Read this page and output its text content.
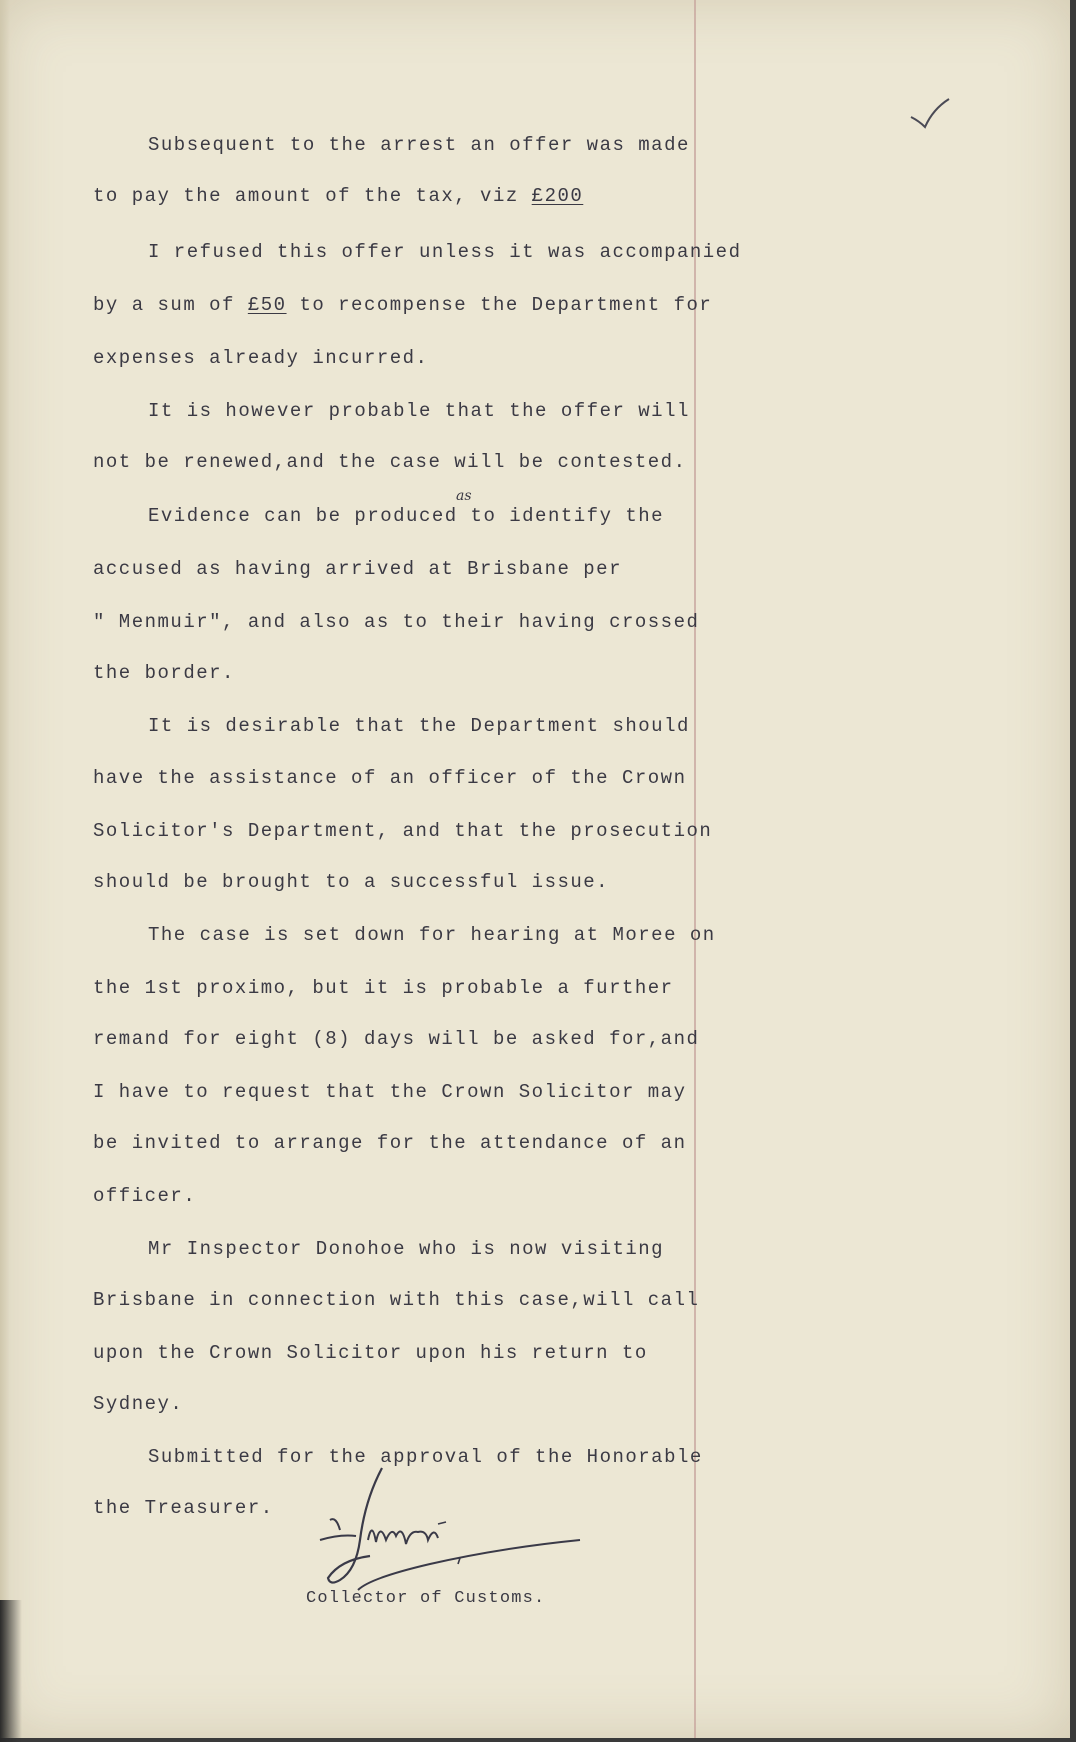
Subsequent to the arrest an offer was made
to pay the amount of the tax, viz £200
I refused this offer unless it was accompanied
by a sum of £50 to recompense the Department for
expenses already incurred.
It is however probable that the offer will
not be renewed,and the case will be contested.
as
Evidence can be produced to identify the
accused as having arrived at Brisbane per
" Menmuir", and also as to their having crossed
the border.
It is desirable that the Department should
have the assistance of an officer of the Crown
Solicitor's Department, and that the prosecution
should be brought to a successful issue.
The case is set down for hearing at Moree on
the 1st proximo, but it is probable a further
remand for eight (8) days will be asked for,and
I have to request that the Crown Solicitor may
be invited to arrange for the attendance of an
officer.
Mr Inspector Donohoe who is now visiting
Brisbane in connection with this case,will call
upon the Crown Solicitor upon his return to
Sydney.
Submitted for the approval of the Honorable
the Treasurer.
Collector of Customs.
